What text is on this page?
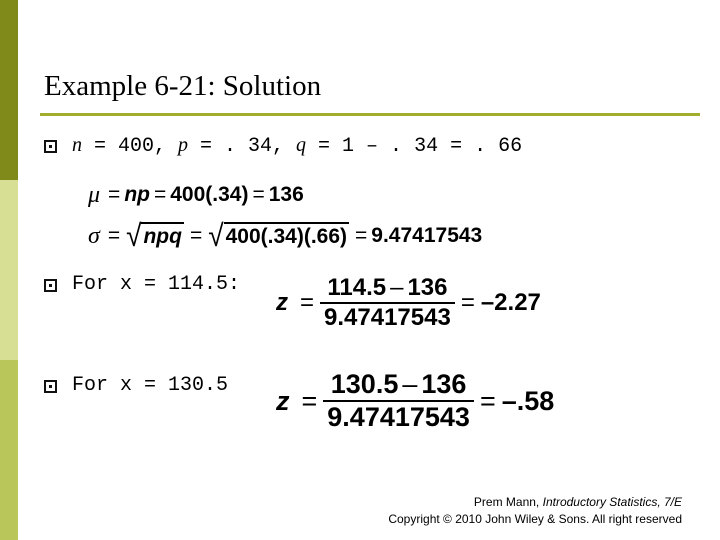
Example 6-21: Solution
n = 400, p = . 34, q = 1 – . 34 = . 66
μ = np = 400(.34) = 136
σ = √ npq = √ 400(.34)(.66) = 9.47417543
For x = 114.5:
$z = \frac{114.5 - 136}{9.47417543} = -2.27$
For x = 130.5 $z = \frac{130.5 - 136}{9.47417543} = -.58$
Prem Mann, Introductory Statistics, 7/E
Copyright © 2010 John Wiley & Sons. All right reserved
